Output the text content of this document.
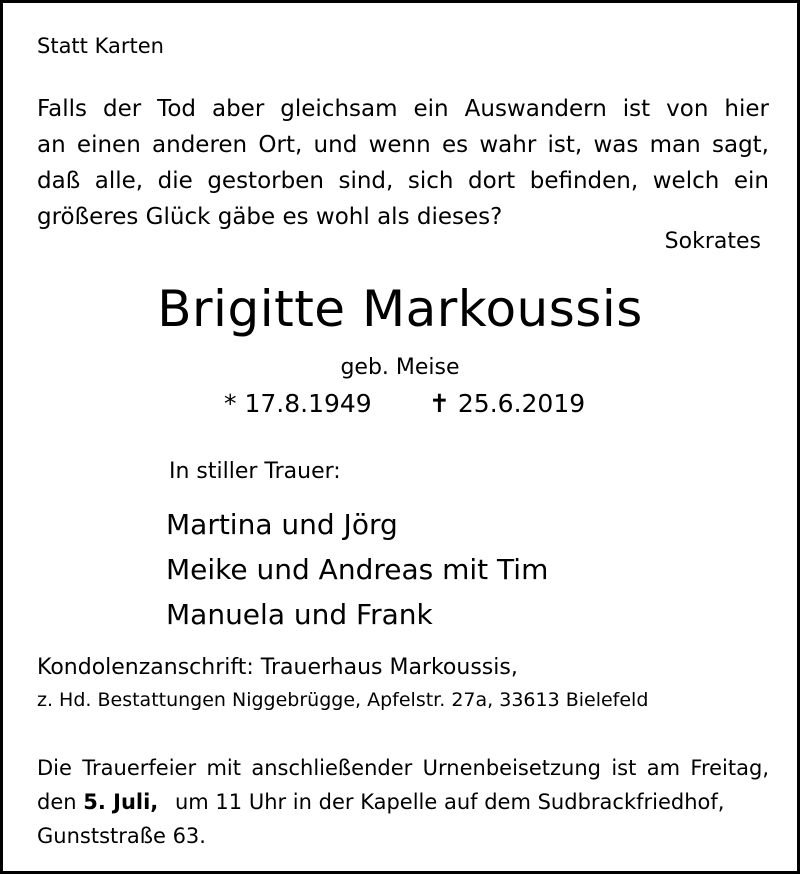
Statt Karten
Falls der Tod aber gleichsam ein Auswandern ist von hier
an einen anderen Ort, und wenn es wahr ist, was man sagt,
daß alle, die gestorben sind, sich dort befinden, welch ein
größeres Glück gäbe es wohl als dieses?
Sokrates
Brigitte Markoussis
geb. Meise
* 17.8.1949 ✝ 25.6.2019
In stiller Trauer:
Martina und Jörg
Meike und Andreas mit Tim
Manuela und Frank
Kondolenzanschrift: Trauerhaus Markoussis,
z. Hd. Bestattungen Niggebrügge, Apfelstr. 27a, 33613 Bielefeld
Die Trauerfeier mit anschließender Urnenbeisetzung ist am Freitag,
den 5. Juli, um 11 Uhr in der Kapelle auf dem Sudbrackfriedhof,
Gunststraße 63.
